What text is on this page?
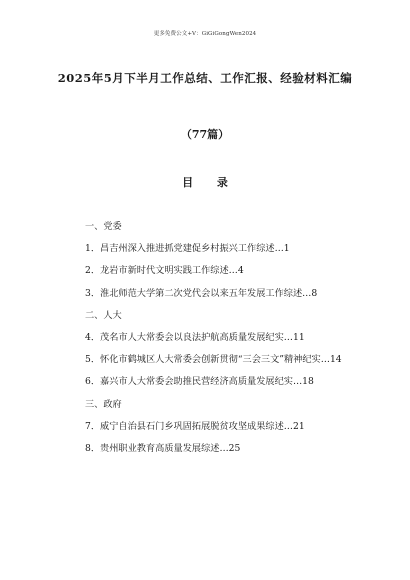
更多免费公文+V：GiGiGongWen2024
2025年5月下半月工作总结、工作汇报、经验材料汇编
（77篇）
目 录
一、党委
1．昌吉州深入推进抓党建促乡村振兴工作综述…1
2．龙岩市新时代文明实践工作综述…4
3．淮北师范大学第二次党代会以来五年发展工作综述…8
二、人大
4．茂名市人大常委会以良法护航高质量发展纪实…11
5．怀化市鹤城区人大常委会创新贯彻“三会三文”精神纪实…14
6．嘉兴市人大常委会助推民营经济高质量发展纪实…18
三、政府
7．威宁自治县石门乡巩固拓展脱贫攻坚成果综述…21
8．贵州职业教育高质量发展综述…25
